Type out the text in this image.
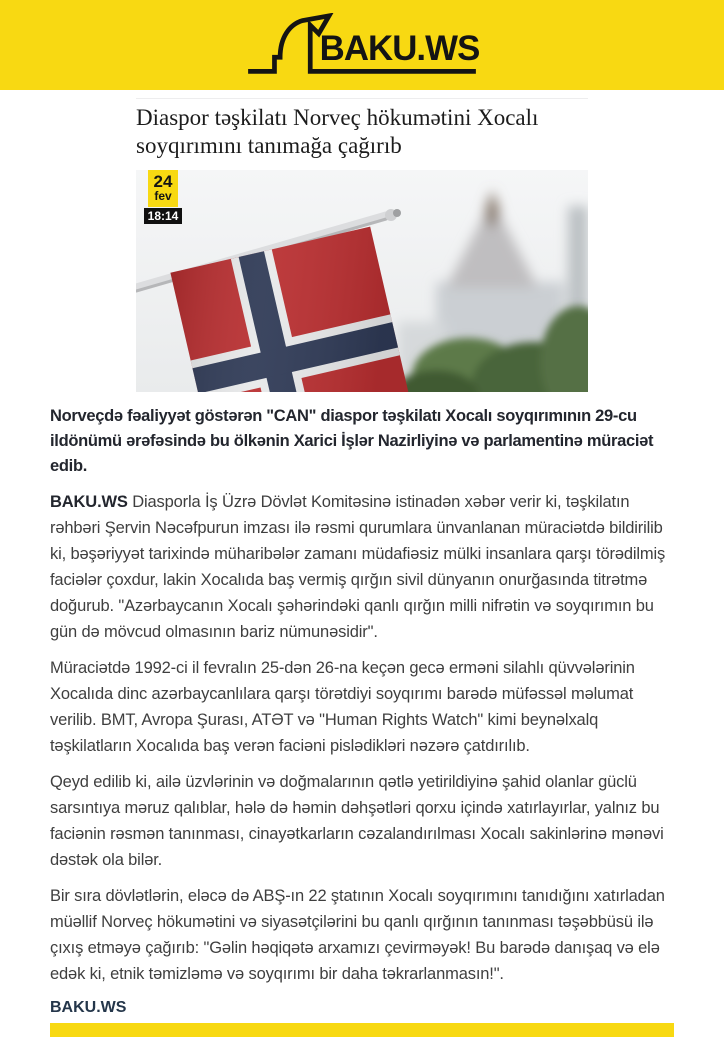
BAKU.WS
Diaspor təşkilatı Norveç hökumətini Xocalı soyqırımını tanımağa çağırıb
24
fev
18:14

Norveçdə fəaliyyət göstərən "CAN" diaspor təşkilatı Xocalı soyqırımının 29-cu ildönümü ərəfəsində bu ölkənin Xarici İşlər Nazirliyinə və parlamentinə müraciət edib.

BAKU.WS Diasporla İş Üzrə Dövlət Komitəsinə istinadən xəbər verir ki, təşkilatın rəhbəri Şervin Nəcəfpurun imzası ilə rəsmi qurumlara ünvanlanan müraciətdə bildirilib ki, bəşəriyyət tarixində müharibələr zamanı müdafiəsiz mülki insanlara qarşı törədilmiş faciələr çoxdur, lakin Xocalıda baş vermiş qırğın sivil dünyanın onurğasında titrətmə doğurub. "Azərbaycanın Xocalı şəhərindəki qanlı qırğın milli nifrətin və soyqırımın bu gün də mövcud olmasının bariz nümunəsidir".

Müraciətdə 1992-ci il fevralın 25-dən 26-na keçən gecə erməni silahlı qüvvələrinin Xocalıda dinc azərbaycanlılara qarşı törətdiyi soyqırımı barədə müfəssəl məlumat verilib. BMT, Avropa Şurası, ATƏT və "Human Rights Watch" kimi beynəlxalq təşkilatların Xocalıda baş verən faciəni pislədikləri nəzərə çatdırılıb.

Qeyd edilib ki, ailə üzvlərinin və doğmalarının qətlə yetirildiyinə şahid olanlar güclü sarsıntıya məruz qalıblar, hələ də həmin dəhşətləri qorxu içində xatırlayırlar, yalnız bu faciənin rəsmən tanınması, cinayətkarların cəzalandırılması Xocalı sakinlərinə mənəvi dəstək ola bilər.

Bir sıra dövlətlərin, eləcə də ABŞ-ın 22 ştatının Xocalı soyqırımını tanıdığını xatırladan müəllif Norveç hökumətini və siyasətçilərini bu qanlı qırğının tanınması təşəbbüsü ilə çıxış etməyə çağırıb: "Gəlin həqiqətə arxamızı çevirməyək! Bu barədə danışaq və elə edək ki, etnik təmizləmə və soyqırımı bir daha təkrarlanmasın!".

BAKU.WS
